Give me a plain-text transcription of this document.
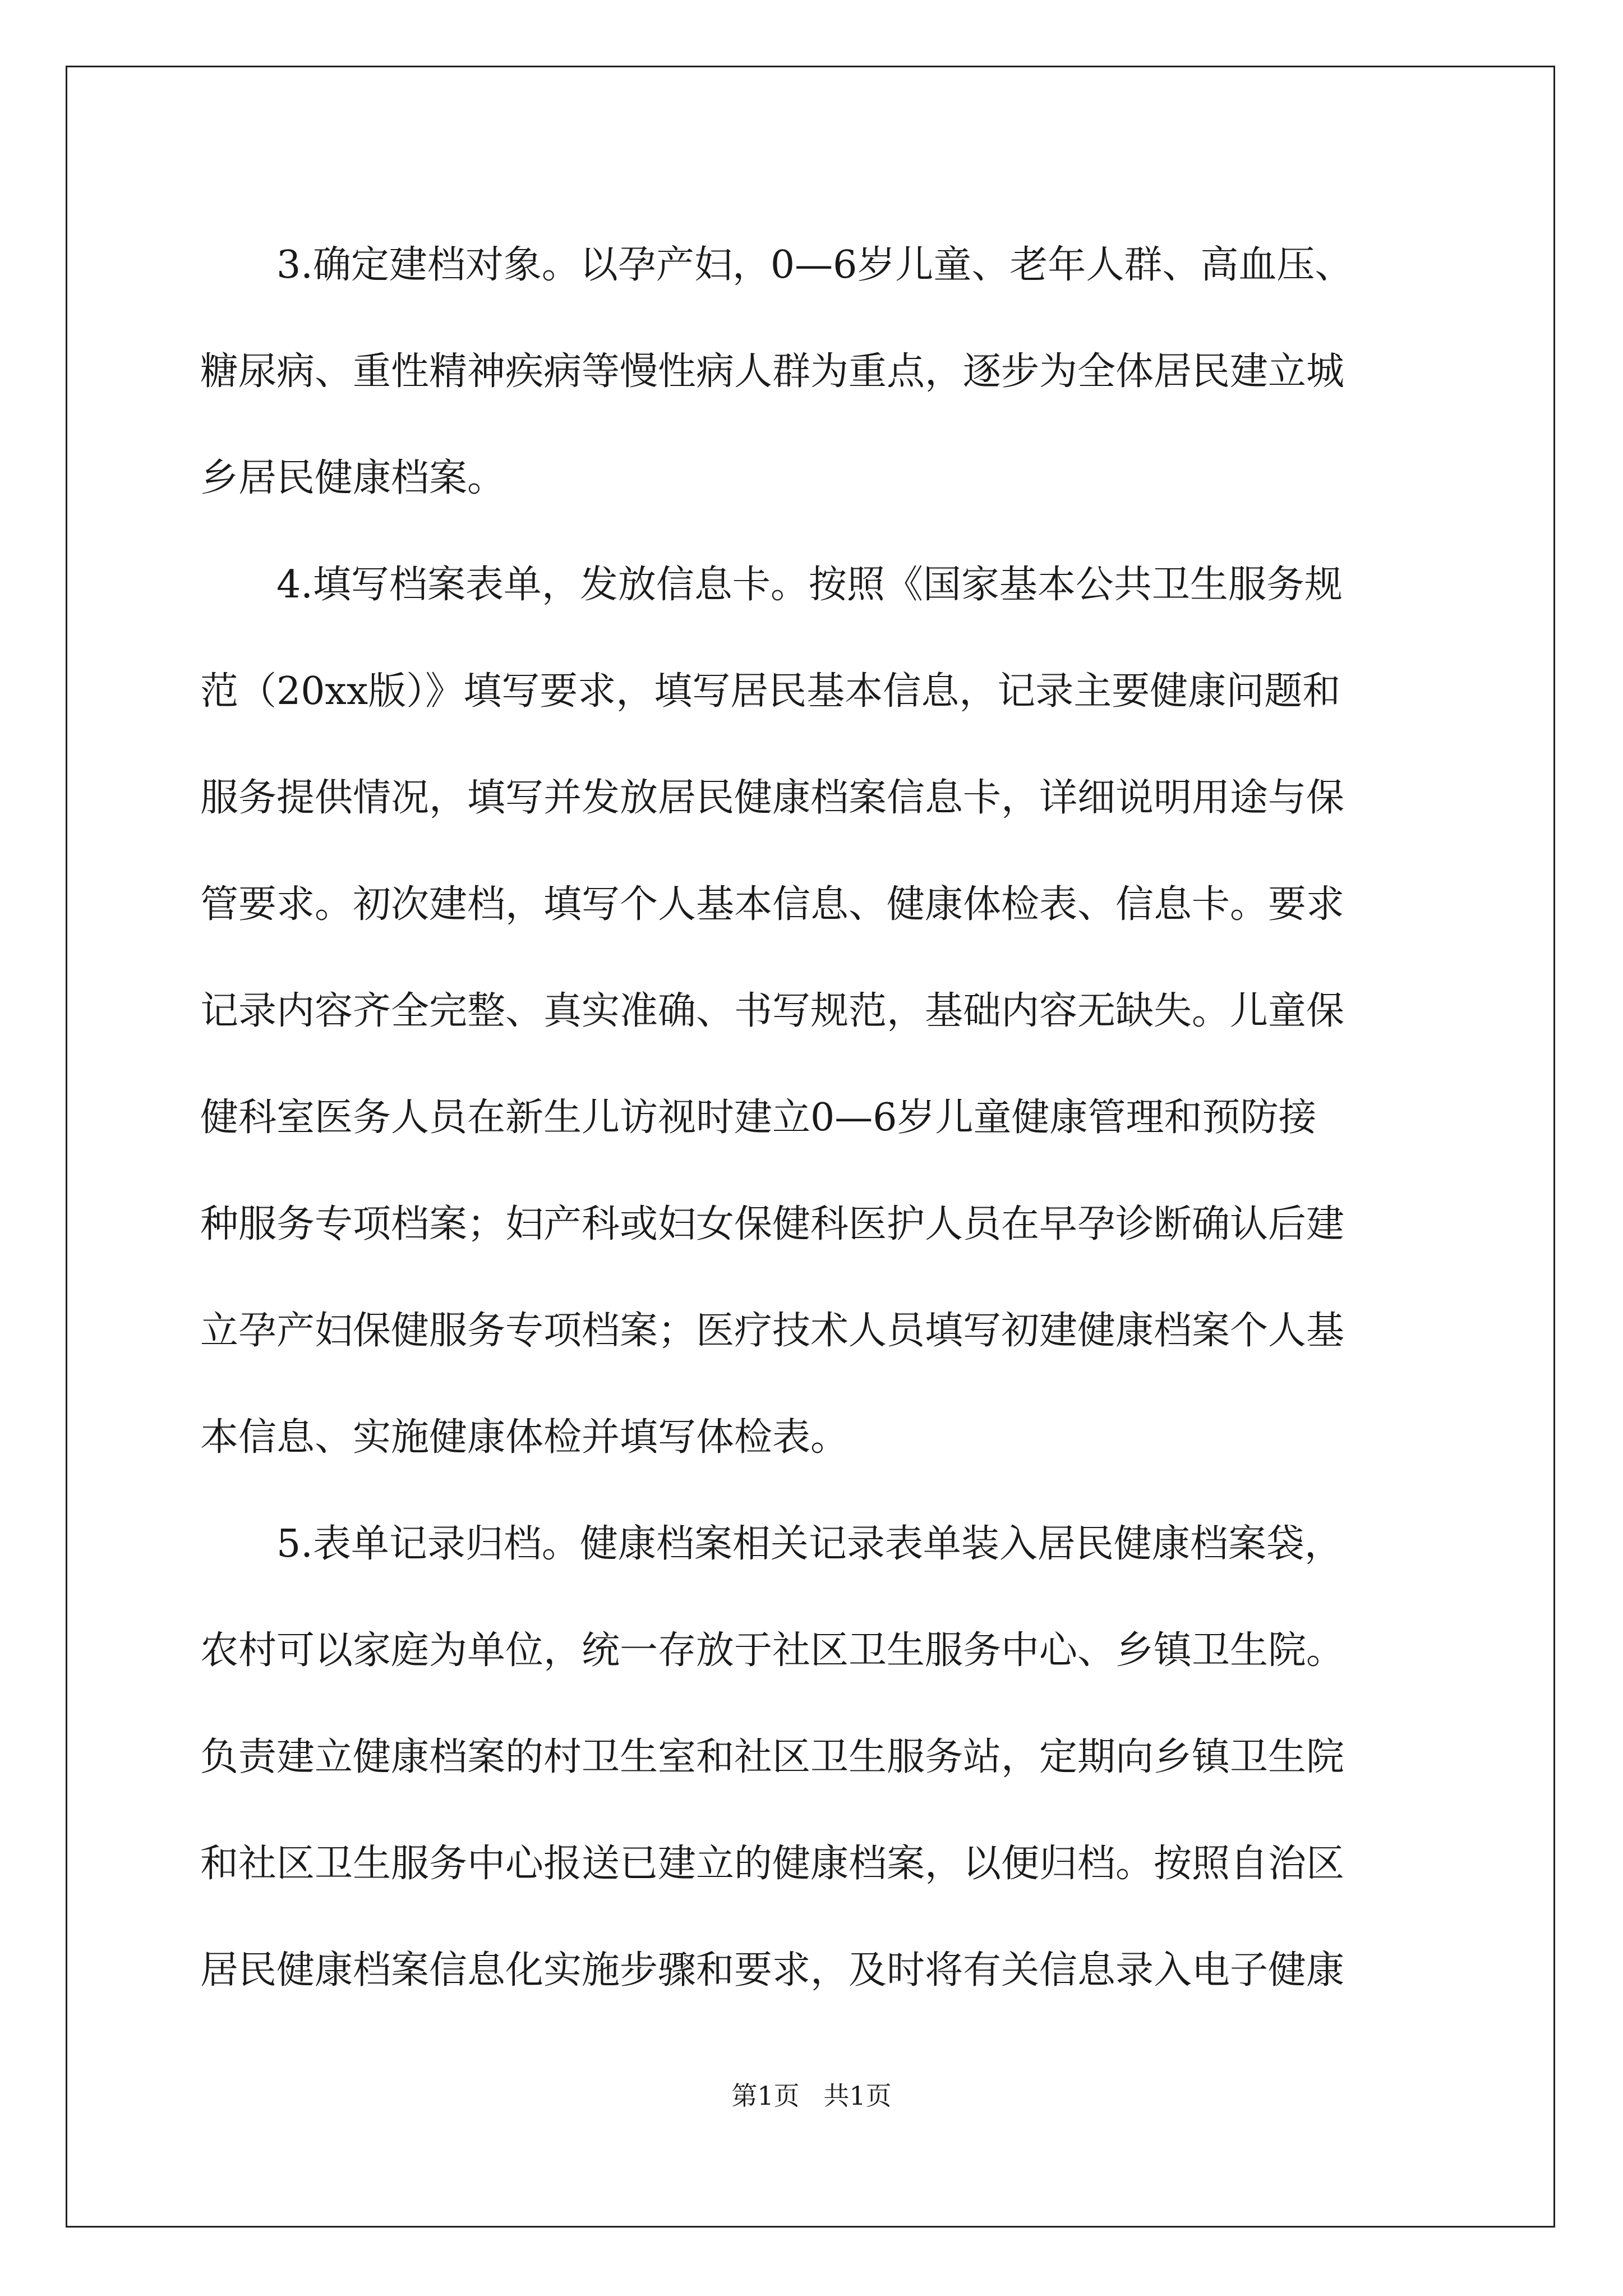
3.确定建档对象。以孕产妇，0—6岁儿童、老年人群、高血压、

糖尿病、重性精神疾病等慢性病人群为重点，逐步为全体居民建立城

乡居民健康档案。

4.填写档案表单，发放信息卡。按照《国家基本公共卫生服务规

范（20xx版）》填写要求，填写居民基本信息，记录主要健康问题和

服务提供情况，填写并发放居民健康档案信息卡，详细说明用途与保

管要求。初次建档，填写个人基本信息、健康体检表、信息卡。要求

记录内容齐全完整、真实准确、书写规范，基础内容无缺失。儿童保

健科室医务人员在新生儿访视时建立0—6岁儿童健康管理和预防接

种服务专项档案；妇产科或妇女保健科医护人员在早孕诊断确认后建

立孕产妇保健服务专项档案；医疗技术人员填写初建健康档案个人基

本信息、实施健康体检并填写体检表。

5.表单记录归档。健康档案相关记录表单装入居民健康档案袋，

农村可以家庭为单位，统一存放于社区卫生服务中心、乡镇卫生院。

负责建立健康档案的村卫生室和社区卫生服务站，定期向乡镇卫生院

和社区卫生服务中心报送已建立的健康档案，以便归档。按照自治区

居民健康档案信息化实施步骤和要求，及时将有关信息录入电子健康

第1页 共1页
